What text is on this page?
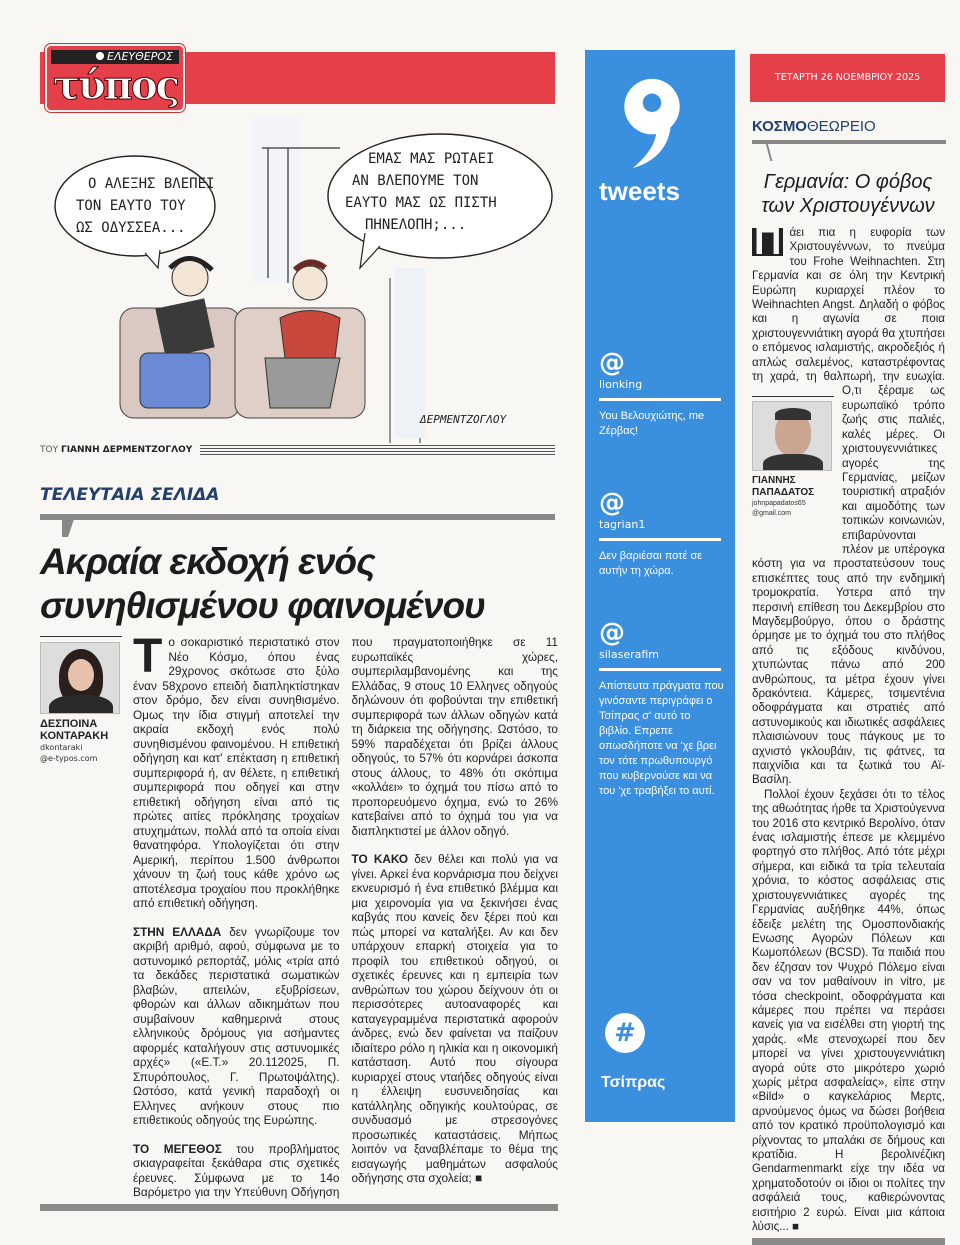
ΕΛΕΥΘΕΡΟΣ
τύπος
Ο ΑΛΕΞΗΣ ΒΛΕΠΕΙ ΤΟΝ ΕΑΥΤΟ ΤΟΥ ΩΣ ΟΔΥΣΣΕΑ...
ΕΜΑΣ ΜΑΣ ΡΩΤΑΕΙ ΑΝ ΒΛΕΠΟΥΜΕ ΤΟΝ ΕΑΥΤΟ ΜΑΣ ΩΣ ΠΙΣΤΗ ΠΗΝΕΛΟΠΗ;...
ΔΕΡΜΕΝΤΖΟΓΛΟΥ
ΤΟΥ ΓΙΑΝΝΗ ΔΕΡΜΕΝΤΖΟΓΛΟΥ
ΤΕΛΕΥΤΑΙΑ ΣΕΛΙΔΑ
Ακραία εκδοχή ενός
συνηθισμένου φαινομένου
ΔΕΣΠΟΙΝΑ
ΚΟΝΤΑΡΑΚΗ
dkontaraki
@e-typos.com

Το σοκαριστικό περιστατικό στον Νέο Κόσμο, όπου ένας 29χρονος σκότωσε στο ξύλο έναν 58χρονο επειδή διαπληκτίστηκαν στον δρόμο, δεν είναι συνηθισμένο. Ομως την ίδια στιγμή αποτελεί την ακραία εκδοχή ενός πολύ συνηθισμένου φαινομένου. Η επιθετική οδήγηση και κατ' επέκταση η επιθετική συμπεριφορά ή, αν θέλετε, η επιθετική συμπεριφορά που οδηγεί και στην επιθετική οδήγηση είναι από τις πρώτες αιτίες πρόκλησης τροχαίων ατυχημάτων, πολλά από τα οποία είναι θανατηφόρα. Υπολογίζεται ότι στην Αμερική, περίπου 1.500 άνθρωποι χάνουν τη ζωή τους κάθε χρόνο ως αποτέλεσμα τροχαίου που προκλήθηκε από επιθετική οδήγηση.

ΣΤΗΝ ΕΛΛΑΔΑ δεν γνωρίζουμε τον ακριβή αριθμό, αφού, σύμφωνα με το αστυνομικό ρεπορτάζ, μόλις «τρία από τα δεκάδες περιστατικά σωματικών βλαβών, απειλών, εξυβρίσεων, φθορών και άλλων αδικημάτων που συμβαίνουν καθημερινά στους ελληνικούς δρόμους για ασήμαντες αφορμές καταλήγουν στις αστυνομικές αρχές» («Ε.Τ.» 20.112025, Π. Σπυρόπουλος, Γ. Πρωτοψάλτης). Ωστόσο, κατά γενική παραδοχή οι Ελληνες ανήκουν στους πιο επιθετικούς οδηγούς της Ευρώπης.

ΤΟ ΜΕΓΕΘΟΣ του προβλήματος σκιαγραφείται ξεκάθαρα στις σχετικές έρευνες. Σύμφωνα με το 14ο Βαρόμετρο για την Υπεύθυνη Οδήγηση που πραγματοποιήθηκε σε 11 ευρωπαϊκές χώρες, συμπεριλαμβανομένης και της Ελλάδας, 9 στους 10 Ελληνες οδηγούς δηλώνουν ότι φοβούνται την επιθετική συμπεριφορά των άλλων οδηγών κατά τη διάρκεια της οδήγησης. Ωστόσο, το 59% παραδέχεται ότι βρίζει άλλους οδηγούς, το 57% ότι κορνάρει άσκοπα στους άλλους, το 48% ότι σκόπιμα «κολλάει» το όχημά του πίσω από το προπορευόμενο όχημα, ενώ το 26% κατεβαίνει από το όχημά του για να διαπληκτιστεί με άλλον οδηγό.

ΤΟ ΚΑΚΟ δεν θέλει και πολύ για να γίνει. Αρκεί ένα κορνάρισμα που δείχνει εκνευρισμό ή ένα επιθετικό βλέμμα και μια χειρονομία για να ξεκινήσει ένας καβγάς που κανείς δεν ξέρει πού και πώς μπορεί να καταλήξει. Αν και δεν υπάρχουν επαρκή στοιχεία για το προφίλ του επιθετικού οδηγού, οι σχετικές έρευνες και η εμπειρία των ανθρώπων του χώρου δείχνουν ότι οι περισσότερες αυτοαναφορές και καταγεγραμμένα περιστατικά αφορούν άνδρες, ενώ δεν φαίνεται να παίζουν ιδιαίτερο ρόλο η ηλικία και η οικονομική κατάσταση. Αυτό που σίγουρα κυριαρχεί στους νταήδες οδηγούς είναι η έλλειψη ευσυνειδησίας και κατάλληλης οδηγικής κουλτούρας, σε συνδυασμό με στρεσογόνες προσωπικές καταστάσεις. Μήπως λοιπόν να ξαναβλέπαμε το θέμα της εισαγωγής μαθημάτων ασφαλούς οδήγησης στα σχολεία; ■

tweets
@
lionking
You Βελουχιώτης, me Ζέρβας!
@
tagrian1
Δεν βαριέσαι ποτέ σε αυτήν τη χώρα.
@
silaserafim
Απίστευτα πράγματα που γινόσαντε περιγράφει ο Τσίπρας σ' αυτό το βιβλίο. Επρεπε οπωσδήποτε να 'χε βρει τον τότε πρωθυπουργό που κυβερνούσε και να του 'χε τραβήξει το αυτί.
#
Τσίπρας
ΤΕΤΑΡΤΗ 26 ΝΟΕΜΒΡΙΟΥ 2025
ΚΟΣΜΟΘΕΩΡΕΙΟ
Γερμανία: Ο φόβος των Χριστουγέννων

Π
ΓΙΑΝΝΗΣ
ΠΑΠΑΔΑΤΟΣ
johnpapadatos65
@gmail.com
άει πια η ευφορία των Χριστουγέννων, το πνεύμα του Frohe Weihnachten. Στη Γερμανία και σε όλη την Κεντρική Ευρώπη κυριαρχεί πλέον το Weihnachten Angst. Δηλαδή ο φόβος και η αγωνία σε ποια χριστουγεννιάτικη αγορά θα χτυπήσει ο επόμενος ισλαμιστής, ακροδεξιός ή απλώς σαλεμένος, καταστρέφοντας τη χαρά, τη θαλπωρή, την ευωχία. Ο,τι ξέραμε ως ευρωπαϊκό τρόπο ζωής στις παλιές, καλές μέρες. Οι χριστουγεννιάτικες αγορές της Γερμανίας, μείζων τουριστική ατραξιόν και αιμοδότης των τοπικών κοινωνιών, επιβαρύνονται πλέον με υπέρογκα κόστη για να προστατεύσουν τους επισκέπτες τους από την ενδημική τρομοκρατία. Υστερα από την περσινή επίθεση του Δεκεμβρίου στο Μαγδεμβούργο, όπου ο δράστης όρμησε με το όχημά του στο πλήθος από τις εξόδους κινδύνου, χτυπώντας πάνω από 200 ανθρώπους, τα μέτρα έχουν γίνει δρακόντεια. Κάμερες, τσιμεντένια οδοφράγματα και στρατιές από αστυνομικούς και ιδιωτικές ασφάλειες πλαισιώνουν τους πάγκους με το αχνιστό γκλουβάιν, τις φάτνες, τα παιχνίδια και τα ξωτικά του Αϊ-Βασίλη.

Πολλοί έχουν ξεχάσει ότι το τέλος της αθωότητας ήρθε τα Χριστούγεννα του 2016 στο κεντρικό Βερολίνο, όταν ένας ισλαμιστής έπεσε με κλεμμένο φορτηγό στο πλήθος. Από τότε μέχρι σήμερα, και ειδικά τα τρία τελευταία χρόνια, το κόστος ασφάλειας στις χριστουγεννιάτικες αγορές της Γερμανίας αυξήθηκε 44%, όπως έδειξε μελέτη της Ομοσπονδιακής Ενωσης Αγορών Πόλεων και Κωμοπόλεων (BCSD). Τα παιδιά που δεν έζησαν τον Ψυχρό Πόλεμο είναι σαν να τον μαθαίνουν in vitro, με τόσα checkpoint, οδοφράγματα και κάμερες που πρέπει να περάσει κανείς για να εισέλθει στη γιορτή της χαράς. «Με στενοχωρεί που δεν μπορεί να γίνει χριστουγεννιάτικη αγορά ούτε στο μικρότερο χωριό χωρίς μέτρα ασφαλείας», είπε στην «Bild» ο καγκελάριος Μερτς, αρνούμενος όμως να δώσει βοήθεια από τον κρατικό προϋπολογισμό και ρίχνοντας το μπαλάκι σε δήμους και κρατίδια. Η βερολινέζικη Gendarmenmarkt είχε την ιδέα να χρηματοδοτούν οι ίδιοι οι πολίτες την ασφάλειά τους, καθιερώνοντας εισιτήριο 2 ευρώ. Είναι μια κάποια λύσις... ■
